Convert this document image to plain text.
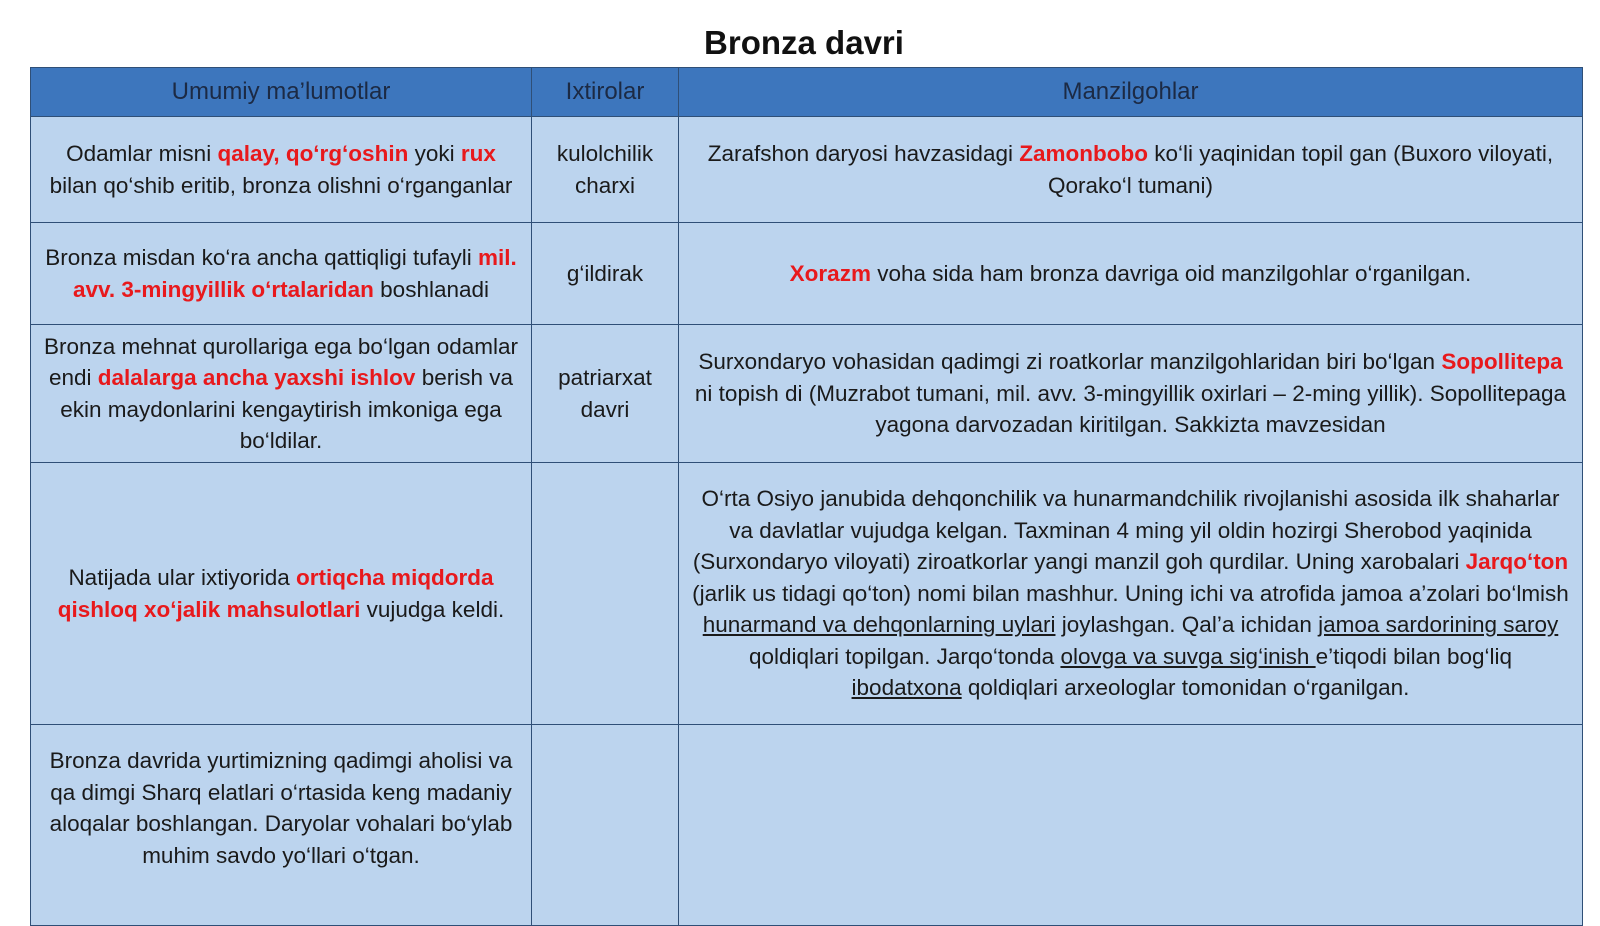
Bronza davri
Umumiy ma’lumotlar	Ixtirolar	Manzilgohlar
Odamlar misni qalay, qo‘rg‘oshin yoki rux bilan qo‘shib eritib, bronza olishni o‘rganganlar	kulolchilik charxi	Zarafshon daryosi havzasidagi Zamonbobo ko‘li yaqinidan topil gan (Buxoro viloyati, Qorako‘l tumani)
Bronza misdan ko‘ra ancha qattiqligi tufayli mil. avv. 3-mingyillik o‘rtalaridan boshlanadi	g‘ildirak	Xorazm voha sida ham bronza davriga oid manzilgohlar o‘rganilgan.
Bronza mehnat qurollariga ega bo‘lgan odamlar endi dalalarga ancha yaxshi ishlov berish va ekin maydonlarini kengaytirish imkoniga ega bo‘ldilar.	patriarxat davri	Surxondaryo vohasidan qadimgi zi roatkorlar manzilgohlaridan biri bo‘lgan Sopollitepa ni topish di (Muzrabot tumani, mil. avv. 3-mingyillik oxirlari – 2-ming yillik). Sopollitepaga yagona darvozadan kiritilgan. Sakkizta mavzesidan
Natijada ular ixtiyorida ortiqcha miqdorda qishloq xo‘jalik mahsulotlari vujudga keldi.		O‘rta Osiyo janubida dehqonchilik va hunarmandchilik rivojlanishi asosida ilk shaharlar va davlatlar vujudga kelgan. Taxminan 4 ming yil oldin hozirgi Sherobod yaqinida (Surxondaryo viloyati) ziroatkorlar yangi manzil goh qurdilar. Uning xarobalari Jarqo‘ton (jarlik us tidagi qo‘ton) nomi bilan mashhur. Uning ichi va atrofida jamoa a’zolari bo‘lmish hunarmand va dehqonlarning uylari joylashgan. Qal’a ichidan jamoa sardorining saroy qoldiqlari topilgan. Jarqo‘tonda olovga va suvga sig‘inish e’tiqodi bilan bog‘liq ibodatxona qoldiqlari arxeologlar tomonidan o‘rganilgan.
Bronza davrida yurtimizning qadimgi aholisi va qa dimgi Sharq elatlari o‘rtasida keng madaniy aloqalar boshlangan. Daryolar vohalari bo‘ylab muhim savdo yo‘llari o‘tgan.		
